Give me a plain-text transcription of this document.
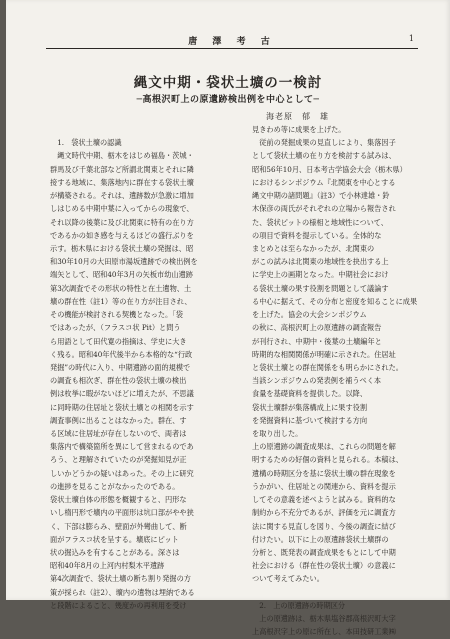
唐 澤 考 古	1
縄文中期・袋状土壙の一検討
─高根沢町上の原遺跡検出例を中心として─
海老原　郁　雄
　1.　袋状土壙の認識
　縄文時代中期、栃木をはじめ福島・茨城・
群馬及び千葉北部など所謂北関東とそれに隣
接する地域に、集落地内に群在する袋状土壙
が構築される。それは、遺跡数が急激に増加
しはじめる中期中葉に入ってからの現象で、
それ以降の後葉に及び北関東に特有の在り方
であるかの如き感を与えるほどの盛行ぶりを
示す。栃木県における袋状土壙の発掘は、昭
和30年10月の大田原市湯坂遺跡での検出例を
端矢として、昭和40年3月の矢板市幼山遺跡
第3次調査でその形状の特性と在土遺物、土
壙の群在性（註1）等の在り方が注目され、
その機能が検討される契機となった。「袋
ではあったが、（フラスコ状 Pit）と問う
ら用語として田代寛の指摘は、学史に大き
く残る。昭和40年代後半から本格的な“行政
発掘”の時代に入り、中期遺跡の面的規模で
の調査も相次ぎ、群在性の袋状土壙の検出
例は枚挙に暇がないほどに増えたが、不思議
に同時期の住居址と袋状土壙との相関を示す
調査事例に出ることはなかった。群在、す
る区域に住居址が存在しないので、両者は
集落内で構築箇所を異にして営まれるのであ
ろう、と理解されていたのが発掘知見が正
しいかどうかの疑いはあった。その上に研究
の進捗を見ることがなかったのである。
袋状土壙自体の形態を概観すると、円形な
いし楕円形で壙内の平面形は坑口部がやや狭
く、下部は膨らみ、壁面が外彎曲して、断
面がフラスコ状を呈する。壙底にピット
状の掘込みを有することがある。深さは
昭和40年8月の上河内村梨木平遺跡
第4次調査で、袋状土壙の断ち割り発掘の方
策が採られ（註2）、壙内の遺物は埋納である
と段階によること、幾度かの再利用を受け
見きわめ等に成果を上げた。
　従前の発掘成果の見直しにより、集落因子
として袋状土壙の在り方を検討する試みは、
昭和56年10月、日本考古学協会大会（栃木県）
におけるシンポジウム『北関東を中心とする
縄文中期の諸問題』（註3）で小林達雄・鈴
木保彦の両氏がそれぞれの立場から報告され
た、袋状ピットの様相と地域性について、
の項目で資料を提示している。全体的な
まとめとは至らなかったが、北関東の
がこの試みは北関東の地域性を抉出する上
に学史上の画期となった。中期社会におけ
る袋状土壙の果す役割を問題として議論す
る中心に据えて、その分布と密度を知ることに成果
を上げた。協会の大会シンポジウム
の秋に、高根沢町上の原遺跡の調査報告
が刊行され、中期中・後葉の土壙編年と
時期的な相関関係が明確に示された。住居址
と袋状土壙との群在関係をも明らかにされた。
当該シンポジウムの発表例を補うべく本
食量を基礎資料を提供した。以降、
袋状土壙群が集落構成上に果す役割
を発掘資料に基づいて検討する方向
を取り出した。
上の原遺跡の調査成果は、これらの問題を解
明するための好個の資料と見られる。本稿は、
遺構の時期区分を基に袋状土壙の群在現象を
うかがい、住居址との関連から、資料を提示
してその意義を述べようと試みる。資料的な
制約から不充分であるが、評価を元に調査方
法に関する見直しを図り、今後の調査に結び
付けたい。以下に上の原遺跡袋状土壙群の
分析と、既発表の調査成果をもとにして中期
社会における（群在性の袋状土壙）の意義に
ついて考えてみたい。
　2.　上の原遺跡の時期区分
　上の原遺跡は、栃木県塩谷郡高根沢町大字
上高根沢字上の原に所在し、本田技研工業㈱
